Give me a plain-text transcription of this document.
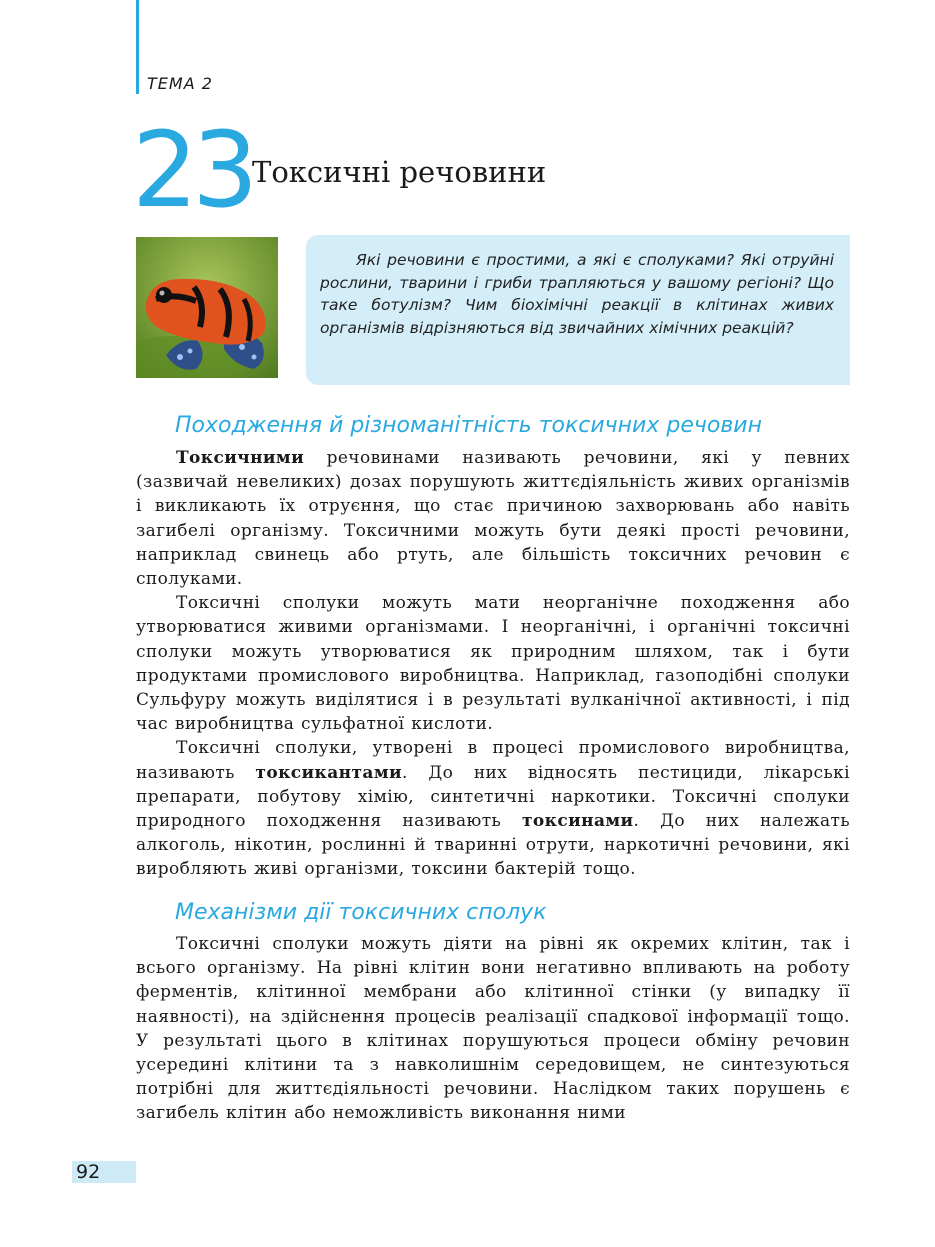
ТЕМА 2
23 Токсичні речовини

Які речовини є простими, а які є сполуками? Які отруйні рослини, тварини і гриби трапляються у вашому регіоні? Що таке ботулізм? Чим біохімічні реакції в клітинах живих організмів відрізняються від звичайних хімічних реакцій?

Походження й різноманітність токсичних речовин

Токсичними речовинами називають речовини, які у певних (зазвичай невеликих) дозах порушують життєдіяльність живих організмів і викликають їх отруєння, що стає причиною захворювань або навіть загибелі організму. Токсичними можуть бути деякі прості речовини, наприклад свинець або ртуть, але більшість токсичних речовин є сполуками.

Токсичні сполуки можуть мати неорганічне походження або утворюватися живими організмами. І неорганічні, і органічні токсичні сполуки можуть утворюватися як природним шляхом, так і бути продуктами промислового виробництва. Наприклад, газоподібні сполуки Сульфуру можуть виділятися і в результаті вулканічної активності, і під час виробництва сульфатної кислоти.

Токсичні сполуки, утворені в процесі промислового виробництва, називають токсикантами. До них відносять пестициди, лікарські препарати, побутову хімію, синтетичні наркотики. Токсичні сполуки природного походження називають токсинами. До них належать алкоголь, нікотин, рослинні й тваринні отрути, наркотичні речовини, які виробляють живі організми, токсини бактерій тощо.

Механізми дії токсичних сполук

Токсичні сполуки можуть діяти на рівні як окремих клітин, так і всього організму. На рівні клітин вони негативно впливають на роботу ферментів, клітинної мембрани або клітинної стінки (у випадку її наявності), на здійснення процесів реалізації спадкової інформації тощо. У результаті цього в клітинах порушуються процеси обміну речовин усередині клітини та з навколишнім середовищем, не синтезуються потрібні для життєдіяльності речовини. Наслідком таких порушень є загибель клітин або неможливість виконання ними

92
